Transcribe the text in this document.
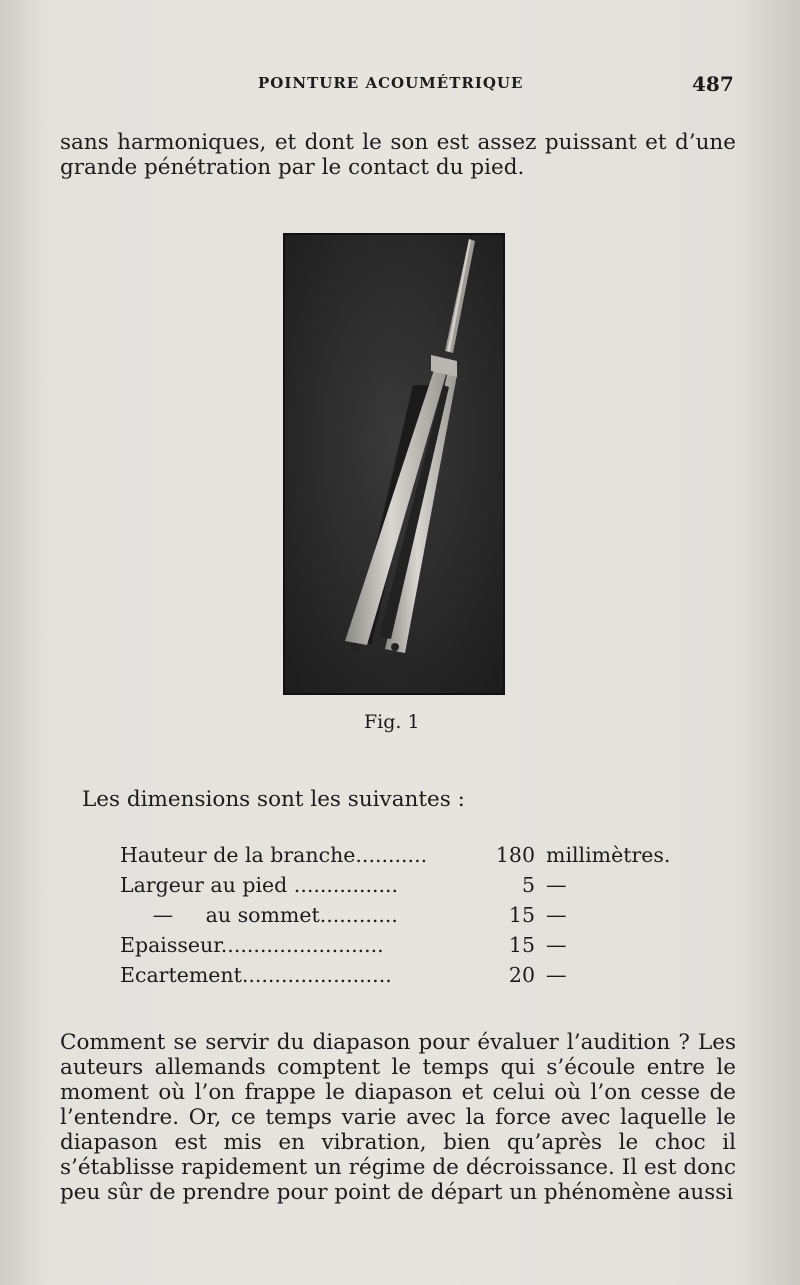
POINTURE ACOUMÉTRIQUE	487
sans harmoniques, et dont le son est assez puissant et d’une grande pénétration par le contact du pied.
Fig. 1
Les dimensions sont les suivantes :
Hauteur de la branche...........	180 millimètres.
Largeur au pied ................	5 —
—     au sommet............	15 —
Epaisseur.........................	15 —
Ecartement.......................	20 —
Comment se servir du diapason pour évaluer l’audition ? Les auteurs allemands comptent le temps qui s’écoule entre le moment où l’on frappe le diapason et celui où l’on cesse de l’entendre. Or, ce temps varie avec la force avec laquelle le diapason est mis en vibration, bien qu’après le choc il s’établisse rapidement un régime de décroissance. Il est donc peu sûr de prendre pour point de départ un phénomène aussi
